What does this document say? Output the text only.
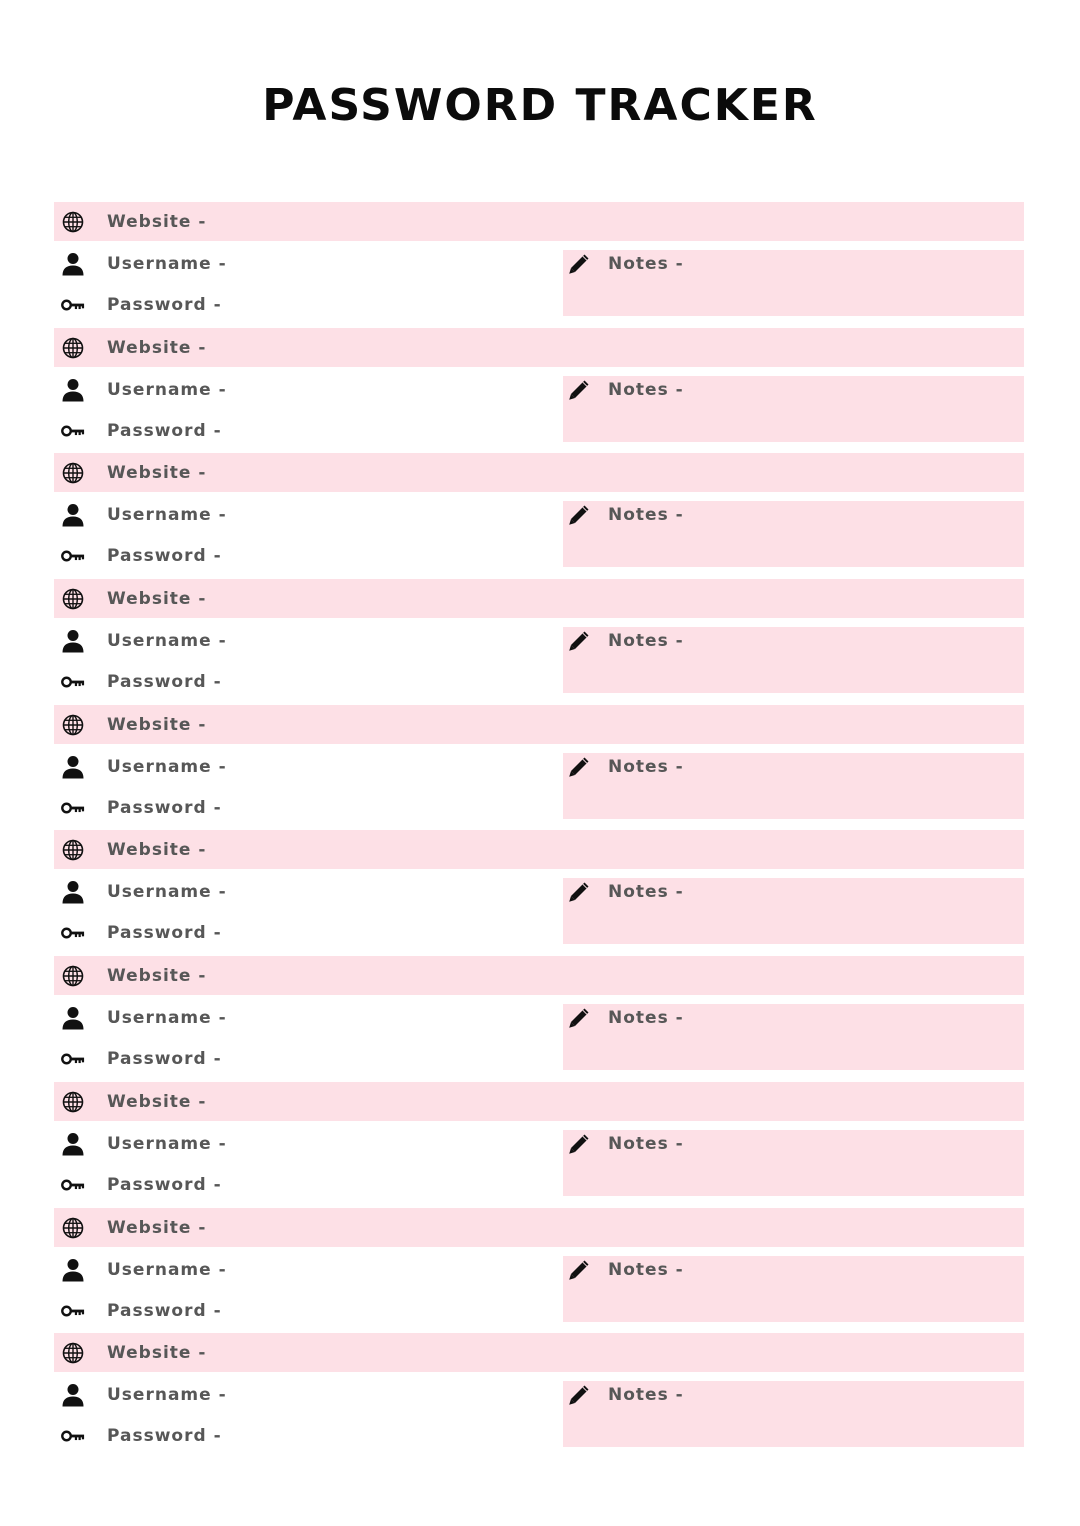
PASSWORD TRACKER
Website -
Username -
Password -
Notes -
Website -
Username -
Password -
Notes -
Website -
Username -
Password -
Notes -
Website -
Username -
Password -
Notes -
Website -
Username -
Password -
Notes -
Website -
Username -
Password -
Notes -
Website -
Username -
Password -
Notes -
Website -
Username -
Password -
Notes -
Website -
Username -
Password -
Notes -
Website -
Username -
Password -
Notes -
